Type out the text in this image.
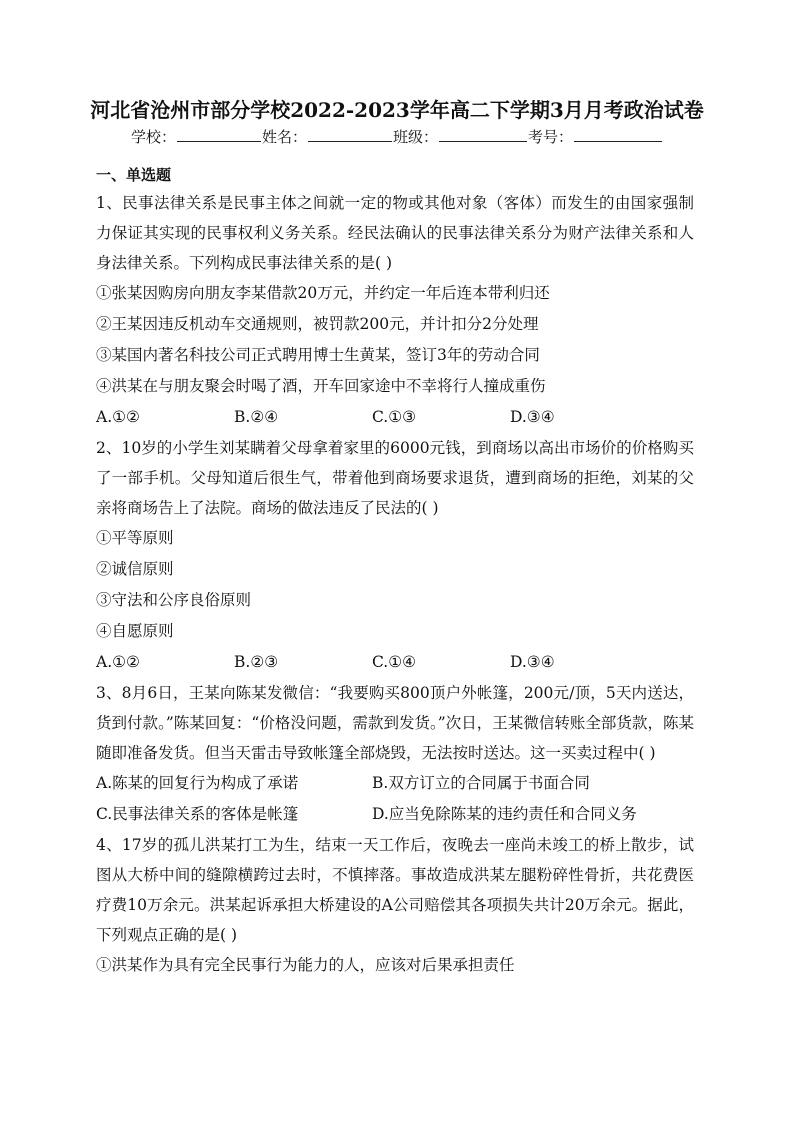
河北省沧州市部分学校2022-2023学年高二下学期3月月考政治试卷
学校：	姓名：	班级：	考号：
一、单选题
1、民事法律关系是民事主体之间就一定的物或其他对象（客体）而发生的由国家强制力保证其实现的民事权利义务关系。经民法确认的民事法律关系分为财产法律关系和人身法律关系。下列构成民事法律关系的是( )
①张某因购房向朋友李某借款20万元，并约定一年后连本带利归还
②王某因违反机动车交通规则，被罚款200元，并计扣分2分处理
③某国内著名科技公司正式聘用博士生黄某，签订3年的劳动合同
④洪某在与朋友聚会时喝了酒，开车回家途中不幸将行人撞成重伤
A.①②	B.②④	C.①③	D.③④
2、10岁的小学生刘某瞒着父母拿着家里的6000元钱，到商场以高出市场价的价格购买了一部手机。父母知道后很生气，带着他到商场要求退货，遭到商场的拒绝，刘某的父亲将商场告上了法院。商场的做法违反了民法的( )
①平等原则
②诚信原则
③守法和公序良俗原则
④自愿原则
A.①②	B.②③	C.①④	D.③④
3、8月6日，王某向陈某发微信：“我要购买800顶户外帐篷，200元/顶，5天内送达，货到付款。”陈某回复：“价格没问题，需款到发货。”次日，王某微信转账全部货款，陈某随即准备发货。但当天雷击导致帐篷全部烧毁，无法按时送达。这一买卖过程中( )
A.陈某的回复行为构成了承诺	B.双方订立的合同属于书面合同
C.民事法律关系的客体是帐篷	D.应当免除陈某的违约责任和合同义务
4、17岁的孤儿洪某打工为生，结束一天工作后，夜晚去一座尚未竣工的桥上散步，试图从大桥中间的缝隙横跨过去时，不慎摔落。事故造成洪某左腿粉碎性骨折，共花费医疗费10万余元。洪某起诉承担大桥建设的A公司赔偿其各项损失共计20万余元。据此，下列观点正确的是( )
①洪某作为具有完全民事行为能力的人，应该对后果承担责任
